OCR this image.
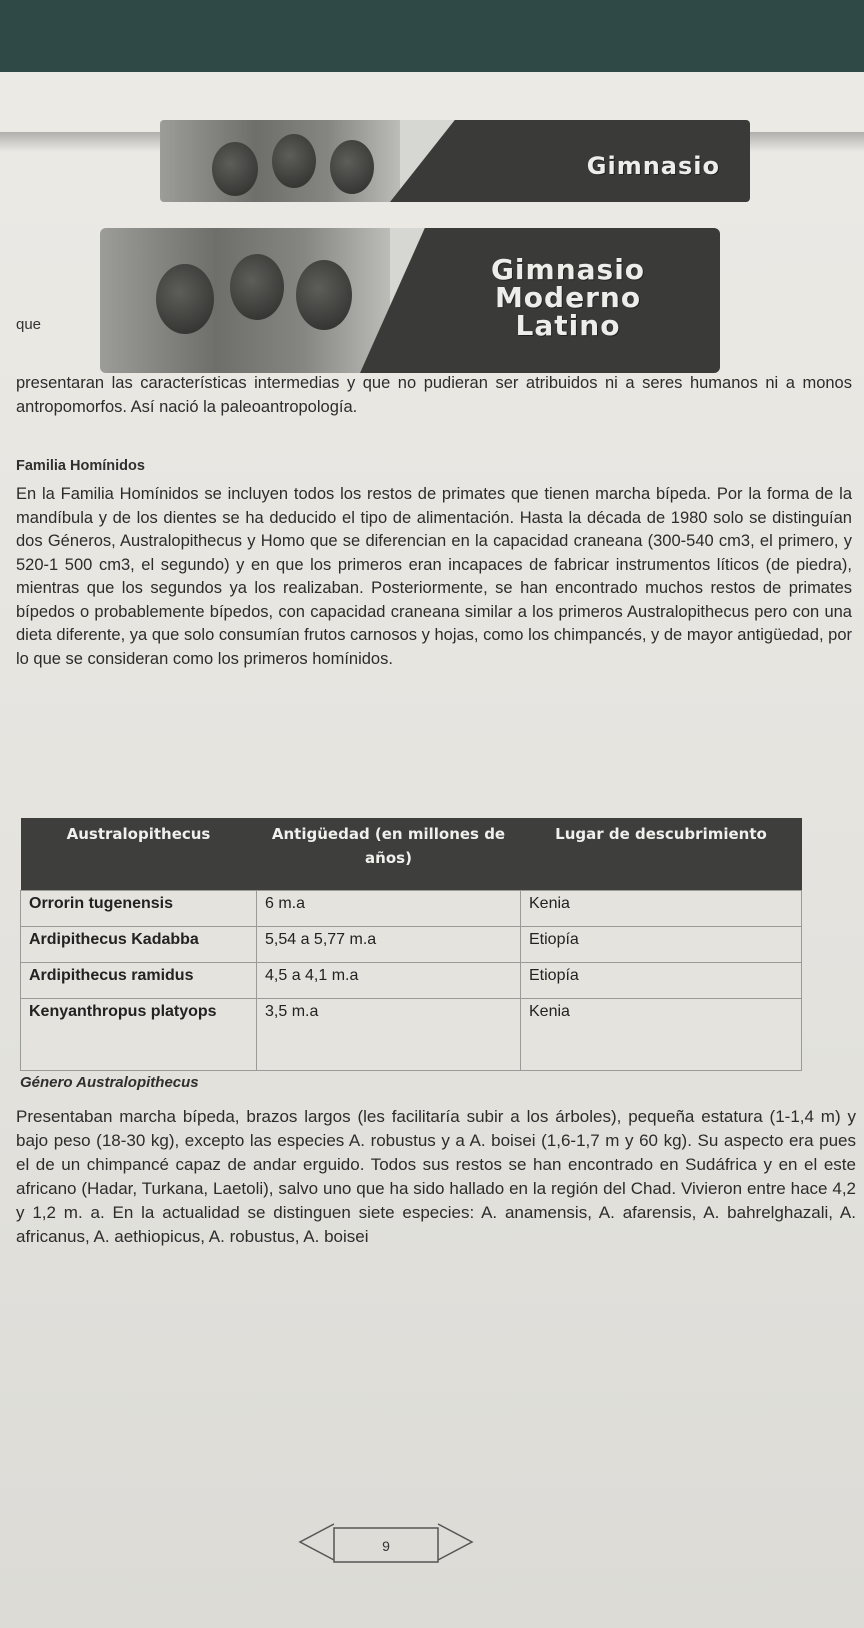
Gimnasio
Gimnasio
Moderno
Latino
que

presentaran las características intermedias y que no pudieran ser atribuidos ni a seres humanos ni a monos antropomorfos. Así nació la paleoantropología.

Familia Homínidos

En la Familia Homínidos se incluyen todos los restos de primates que tienen marcha bípeda. Por la forma de la mandíbula y de los dientes se ha deducido el tipo de alimentación. Hasta la década de 1980 solo se distinguían dos Géneros, Australopithecus y Homo que se diferencian en la capacidad craneana (300-540 cm3, el primero, y 520-1 500 cm3, el segundo) y en que los primeros eran incapaces de fabricar instrumentos líticos (de piedra), mientras que los segundos ya los realizaban. Posteriormente, se han encontrado muchos restos de primates bípedos o probablemente bípedos, con capacidad craneana similar a los primeros Australopithecus pero con una dieta diferente, ya que solo consumían frutos carnosos y hojas, como los chimpancés, y de mayor antigüedad, por lo que se consideran como los primeros homínidos.

Australopithecus	Antigüedad (en millones de años)	Lugar de descubrimiento
Orrorin tugenensis	6 m.a	Kenia
Ardipithecus Kadabba	5,54 a 5,77 m.a	Etiopía
Ardipithecus ramidus	4,5 a 4,1 m.a	Etiopía
Kenyanthropus platyops	3,5 m.a	Kenia
Género Australopithecus

Presentaban marcha bípeda, brazos largos (les facilitaría subir a los árboles), pequeña estatura (1-1,4 m) y bajo peso (18-30 kg), excepto las especies A. robustus y a A. boisei (1,6-1,7 m y 60 kg). Su aspecto era pues el de un chimpancé capaz de andar erguido. Todos sus restos se han encontrado en Sudáfrica y en el este africano (Hadar, Turkana, Laetoli), salvo uno que ha sido hallado en la región del Chad. Vivieron entre hace 4,2 y 1,2 m. a. En la actualidad se distinguen siete especies: A. anamensis, A. afarensis, A. bahrelghazali, A. africanus, A. aethiopicus, A. robustus, A. boisei

9
